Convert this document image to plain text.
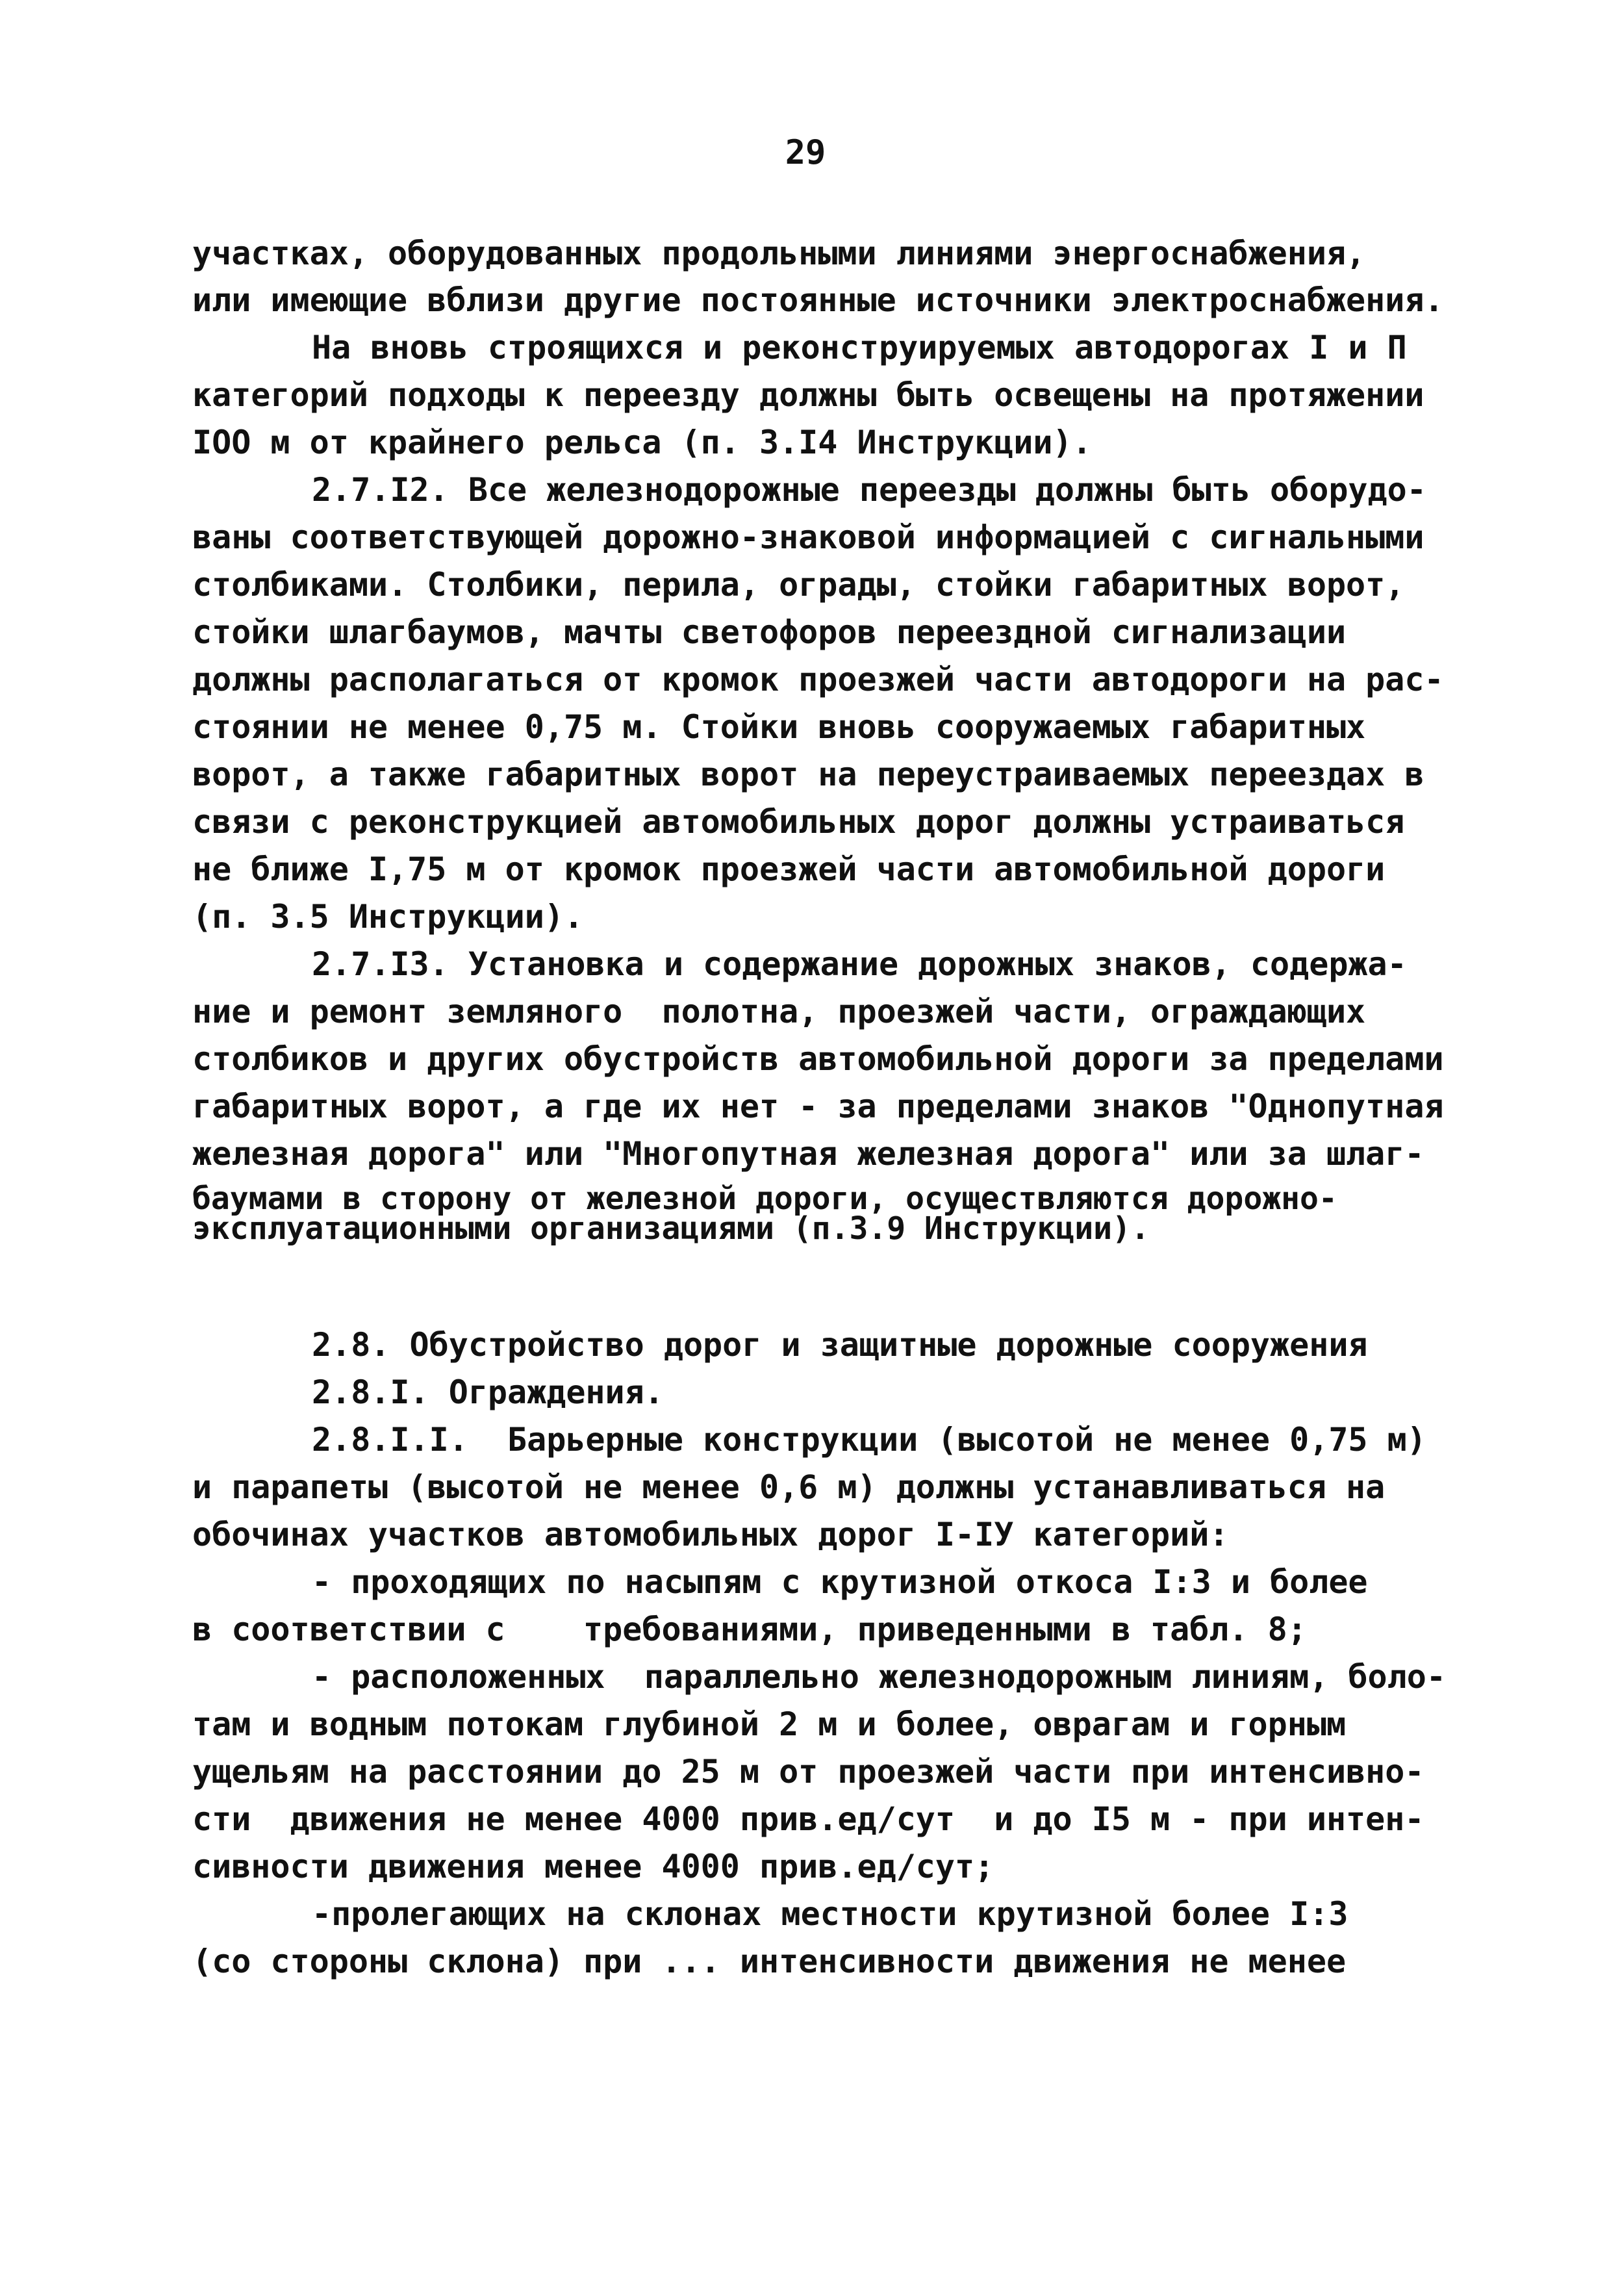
29
участках, оборудованных продольными линиями энергоснабжения,
или имеющие вблизи другие постоянные источники электроснабжения.
На вновь строящихся и реконструируемых автодорогах I и П
категорий подходы к переезду должны быть освещены на протяжении
IOO м от крайнего рельса (п. 3.I4 Инструкции).
2.7.I2. Все железнодорожные переезды должны быть оборудо-
ваны соответствующей дорожно-знаковой информацией с сигнальными
столбиками. Столбики, перила, ограды, стойки габаритных ворот,
стойки шлагбаумов, мачты светофоров переездной сигнализации
должны располагаться от кромок проезжей части автодороги на рас-
стоянии не менее 0,75 м. Стойки вновь сооружаемых габаритных
ворот, а также габаритных ворот на переустраиваемых переездах в
связи с реконструкцией автомобильных дорог должны устраиваться
не ближе I,75 м от кромок проезжей части автомобильной дороги
(п. 3.5 Инструкции).
2.7.I3. Установка и содержание дорожных знаков, содержа-
ние и ремонт земляного  полотна, проезжей части, ограждающих
столбиков и других обустройств автомобильной дороги за пределами
габаритных ворот, а где их нет - за пределами знаков "Однопутная
железная дорога" или "Многопутная железная дорога" или за шлаг-
баумами в сторону от железной дороги, осуществляются дорожно-
эксплуатационными организациями (п.3.9 Инструкции).
2.8. Обустройство дорог и защитные дорожные сооружения
2.8.I. Ограждения.
2.8.I.I.  Барьерные конструкции (высотой не менее 0,75 м)
и парапеты (высотой не менее 0,6 м) должны устанавливаться на
обочинах участков автомобильных дорог I-IУ категорий:
- проходящих по насыпям с крутизной откоса I:3 и более
в соответствии с    требованиями, приведенными в табл. 8;
- расположенных  параллельно железнодорожным линиям, боло-
там и водным потокам глубиной 2 м и более, оврагам и горным
ущельям на расстоянии до 25 м от проезжей части при интенсивно-
сти  движения не менее 4000 прив.ед/сут  и до I5 м - при интен-
сивности движения менее 4000 прив.ед/сут;
-пролегающих на склонах местности крутизной более I:3
(со стороны склона) при ... интенсивности движения не менее
